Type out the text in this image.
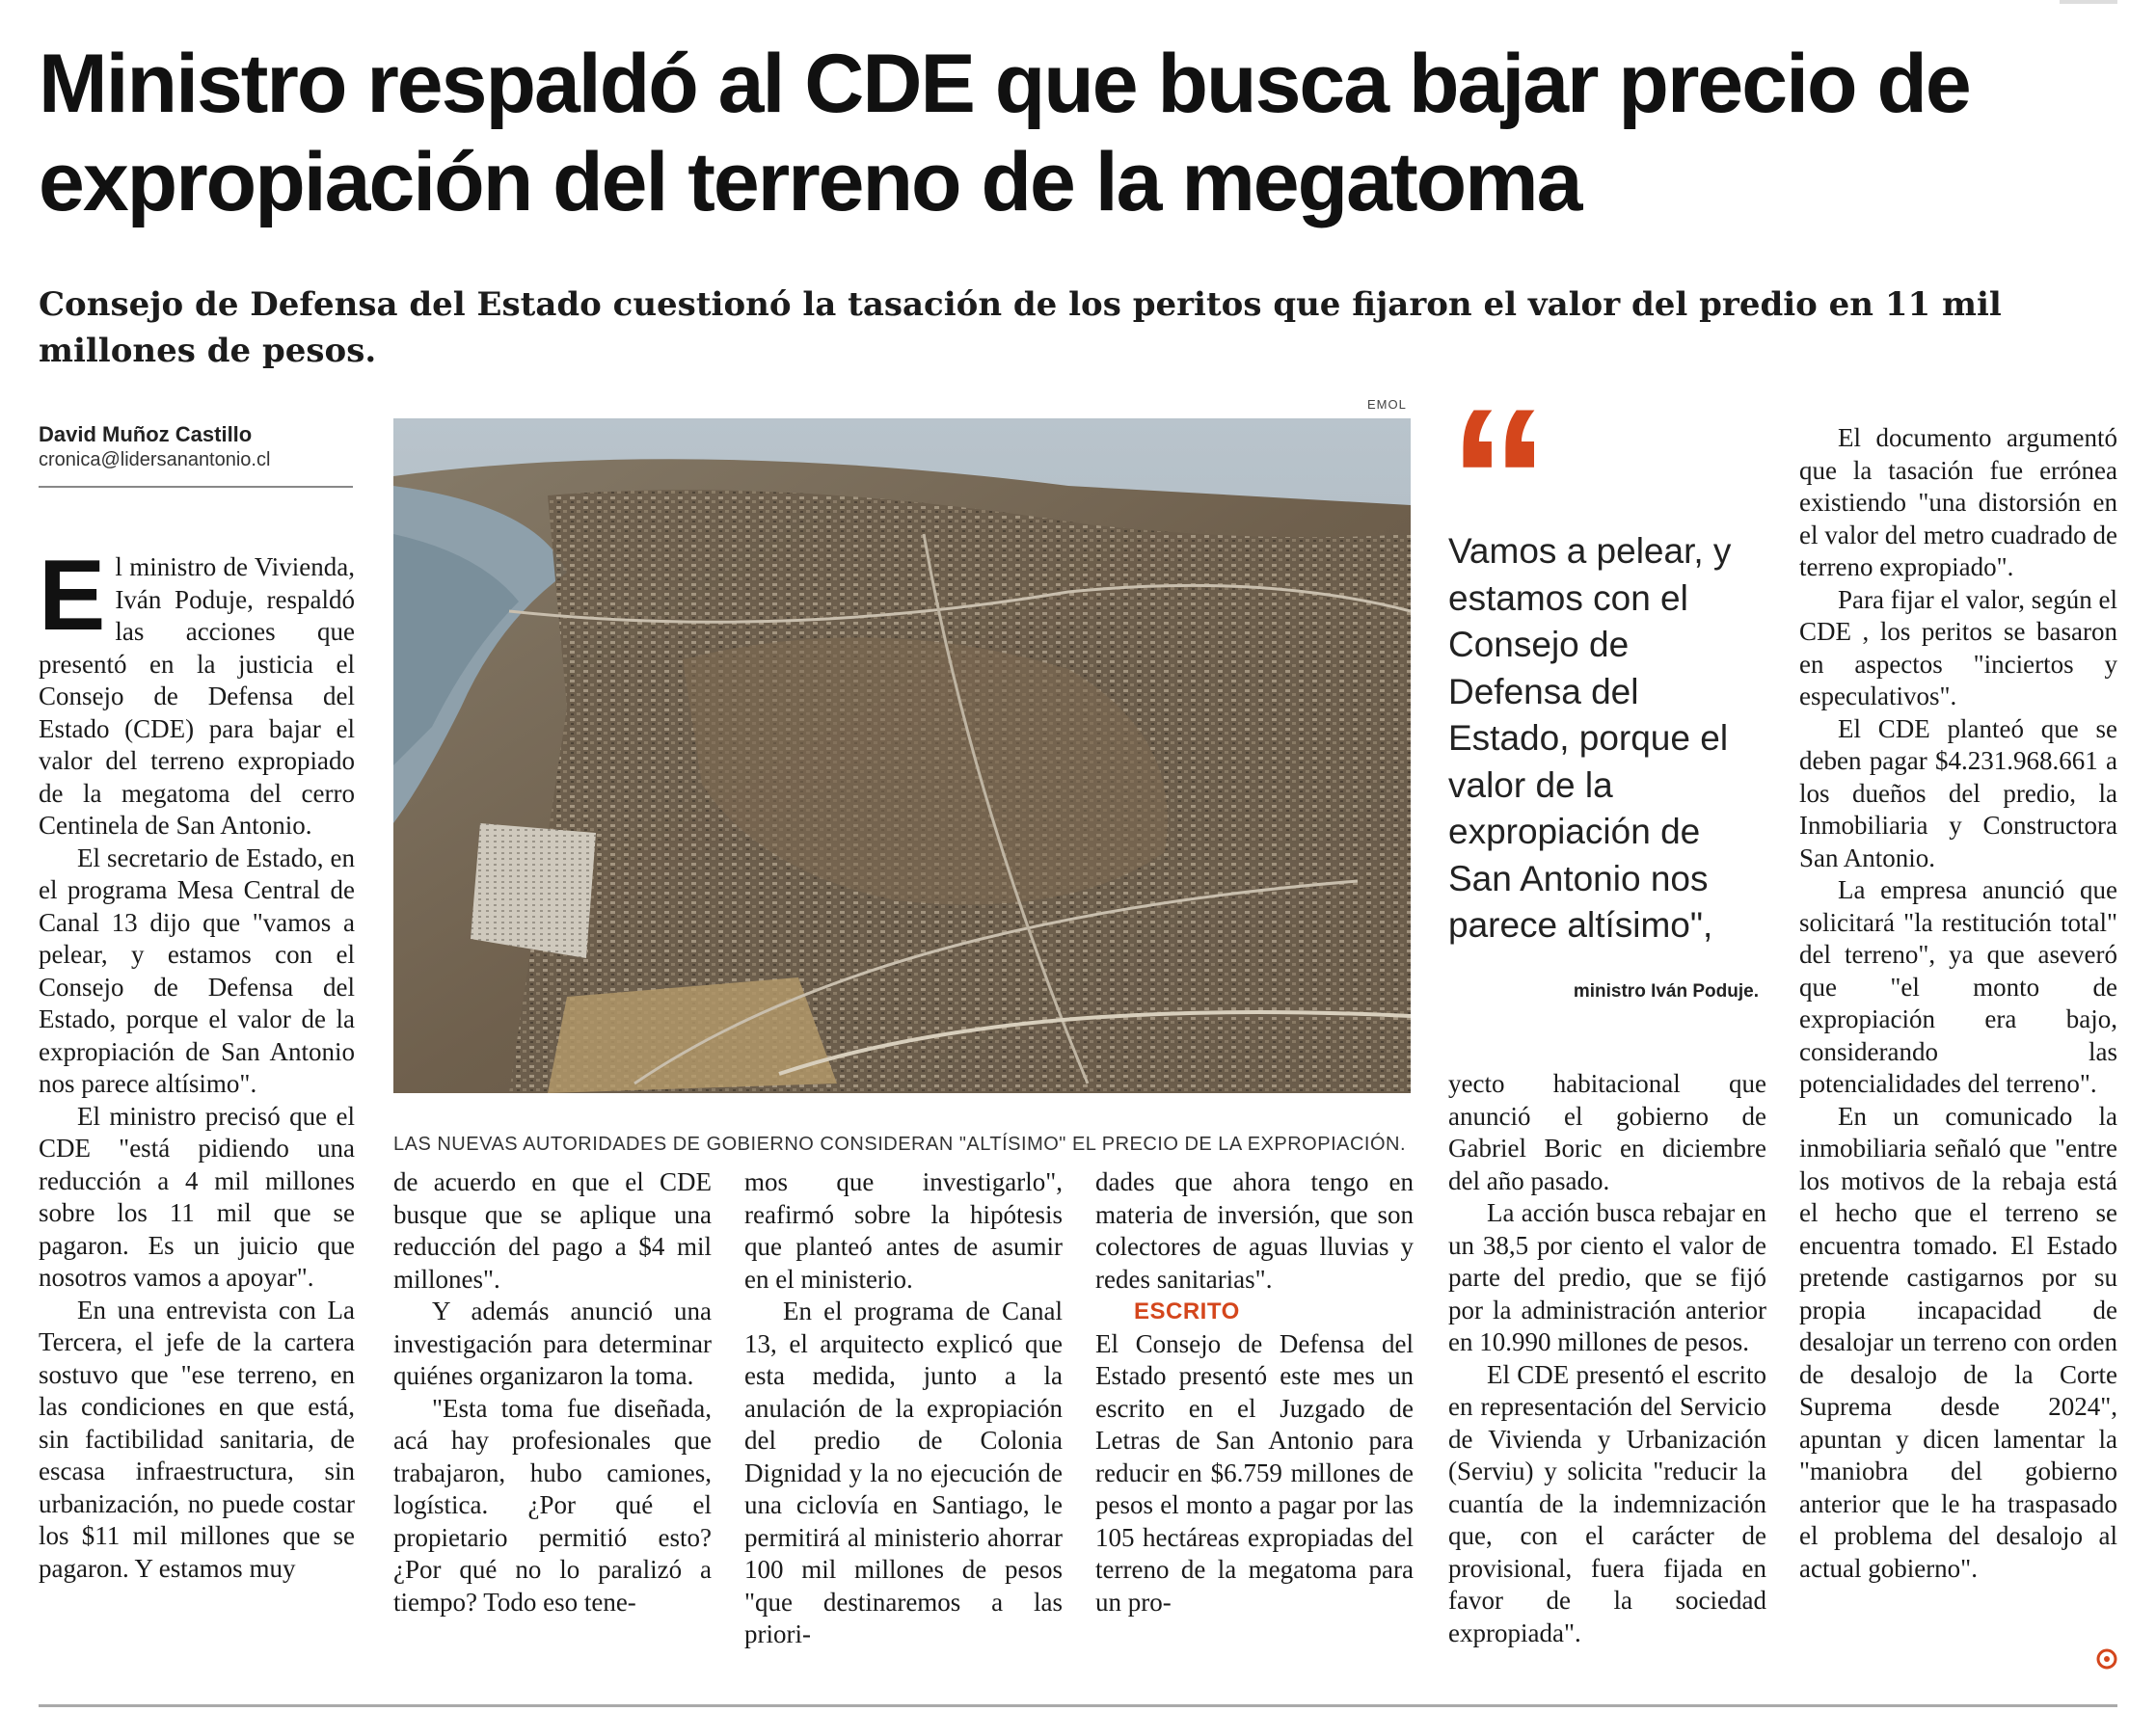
Ministro respaldó al CDE que busca bajar precio de expropiación del terreno de la megatoma

Consejo de Defensa del Estado cuestionó la tasación de los peritos que fijaron el valor del predio en 11 mil millones de pesos.

David Muñoz Castillo
cronica@lidersanantonio.cl
E l ministro de Vivienda, Iván Poduje, respaldó las acciones que presentó en la justicia el Consejo de Defensa del Estado (CDE) para bajar el valor del terreno expropiado de la megatoma del cerro Centinela de San Antonio.

El secretario de Estado, en el programa Mesa Central de Canal 13 dijo que "vamos a pelear, y estamos con el Consejo de Defensa del Estado, porque el valor de la expropiación de San Antonio nos parece altísimo".

El ministro precisó que el CDE "está pidiendo una reducción a 4 mil millones sobre los 11 mil que se pagaron. Es un juicio que nosotros vamos a apoyar".

En una entrevista con La Tercera, el jefe de la cartera sostuvo que "ese terreno, en las condiciones en que está, sin factibilidad sanitaria, de escasa infraestructura, sin urbanización, no puede costar los $11 mil millones que se pagaron. Y estamos muy

EMOL
LAS NUEVAS AUTORIDADES DE GOBIERNO CONSIDERAN "ALTÍSIMO" EL PRECIO DE LA EXPROPIACIÓN.
Vamos a pelear, y estamos con el Consejo de Defensa del Estado, porque el valor de la expropiación de San Antonio nos parece altísimo",
ministro Iván Poduje.

de acuerdo en que el CDE busque que se aplique una reducción del pago a $4 mil millones".

Y además anunció una investigación para determinar quiénes organizaron la toma.

"Esta toma fue diseñada, acá hay profesionales que trabajaron, hubo camiones, logística. ¿Por qué el propietario permitió esto? ¿Por qué no lo paralizó a tiempo? Todo eso tene-

mos que investigarlo", reafirmó sobre la hipótesis que planteó antes de asumir en el ministerio.

En el programa de Canal 13, el arquitecto explicó que esta medida, junto a la anulación de la expropiación del predio de Colonia Dignidad y la no ejecución de una ciclovía en Santiago, le permitirá al ministerio ahorrar 100 mil millones de pesos "que destinaremos a las priori-

dades que ahora tengo en materia de inversión, que son colectores de aguas lluvias y redes sanitarias".

ESCRITO

El Consejo de Defensa del Estado presentó este mes un escrito en el Juzgado de Letras de San Antonio para reducir en $6.759 millones de pesos el monto a pagar por las 105 hectáreas expropiadas del terreno de la megatoma para un pro-

yecto habitacional que anunció el gobierno de Gabriel Boric en diciembre del año pasado.

La acción busca rebajar en un 38,5 por ciento el valor de parte del predio, que se fijó por la administración anterior en 10.990 millones de pesos.

El CDE presentó el escrito en representación del Servicio de Vivienda y Urbanización (Serviu) y solicita "reducir la cuantía de la indemnización que, con el carácter de provisional, fuera fijada en favor de la sociedad expropiada".

El documento argumentó que la tasación fue errónea existiendo "una distorsión en el valor del metro cuadrado de terreno expropiado".

Para fijar el valor, según el CDE , los peritos se basaron en aspectos "inciertos y especulativos".

El CDE planteó que se deben pagar $4.231.968.661 a los dueños del predio, la Inmobiliaria y Constructora San Antonio.

La empresa anunció que solicitará "la restitución total" del terreno", ya que aseveró que "el monto de expropiación era bajo, considerando las potencialidades del terreno".

En un comunicado la inmobiliaria señaló que "entre los motivos de la rebaja está el hecho que el terreno se encuentra tomado. El Estado pretende castigarnos por su propia incapacidad de desalojar un terreno con orden de desalojo de la Corte Suprema desde 2024", apuntan y dicen lamentar la "maniobra del gobierno anterior que le ha traspasado el problema del desalojo al actual gobierno".
